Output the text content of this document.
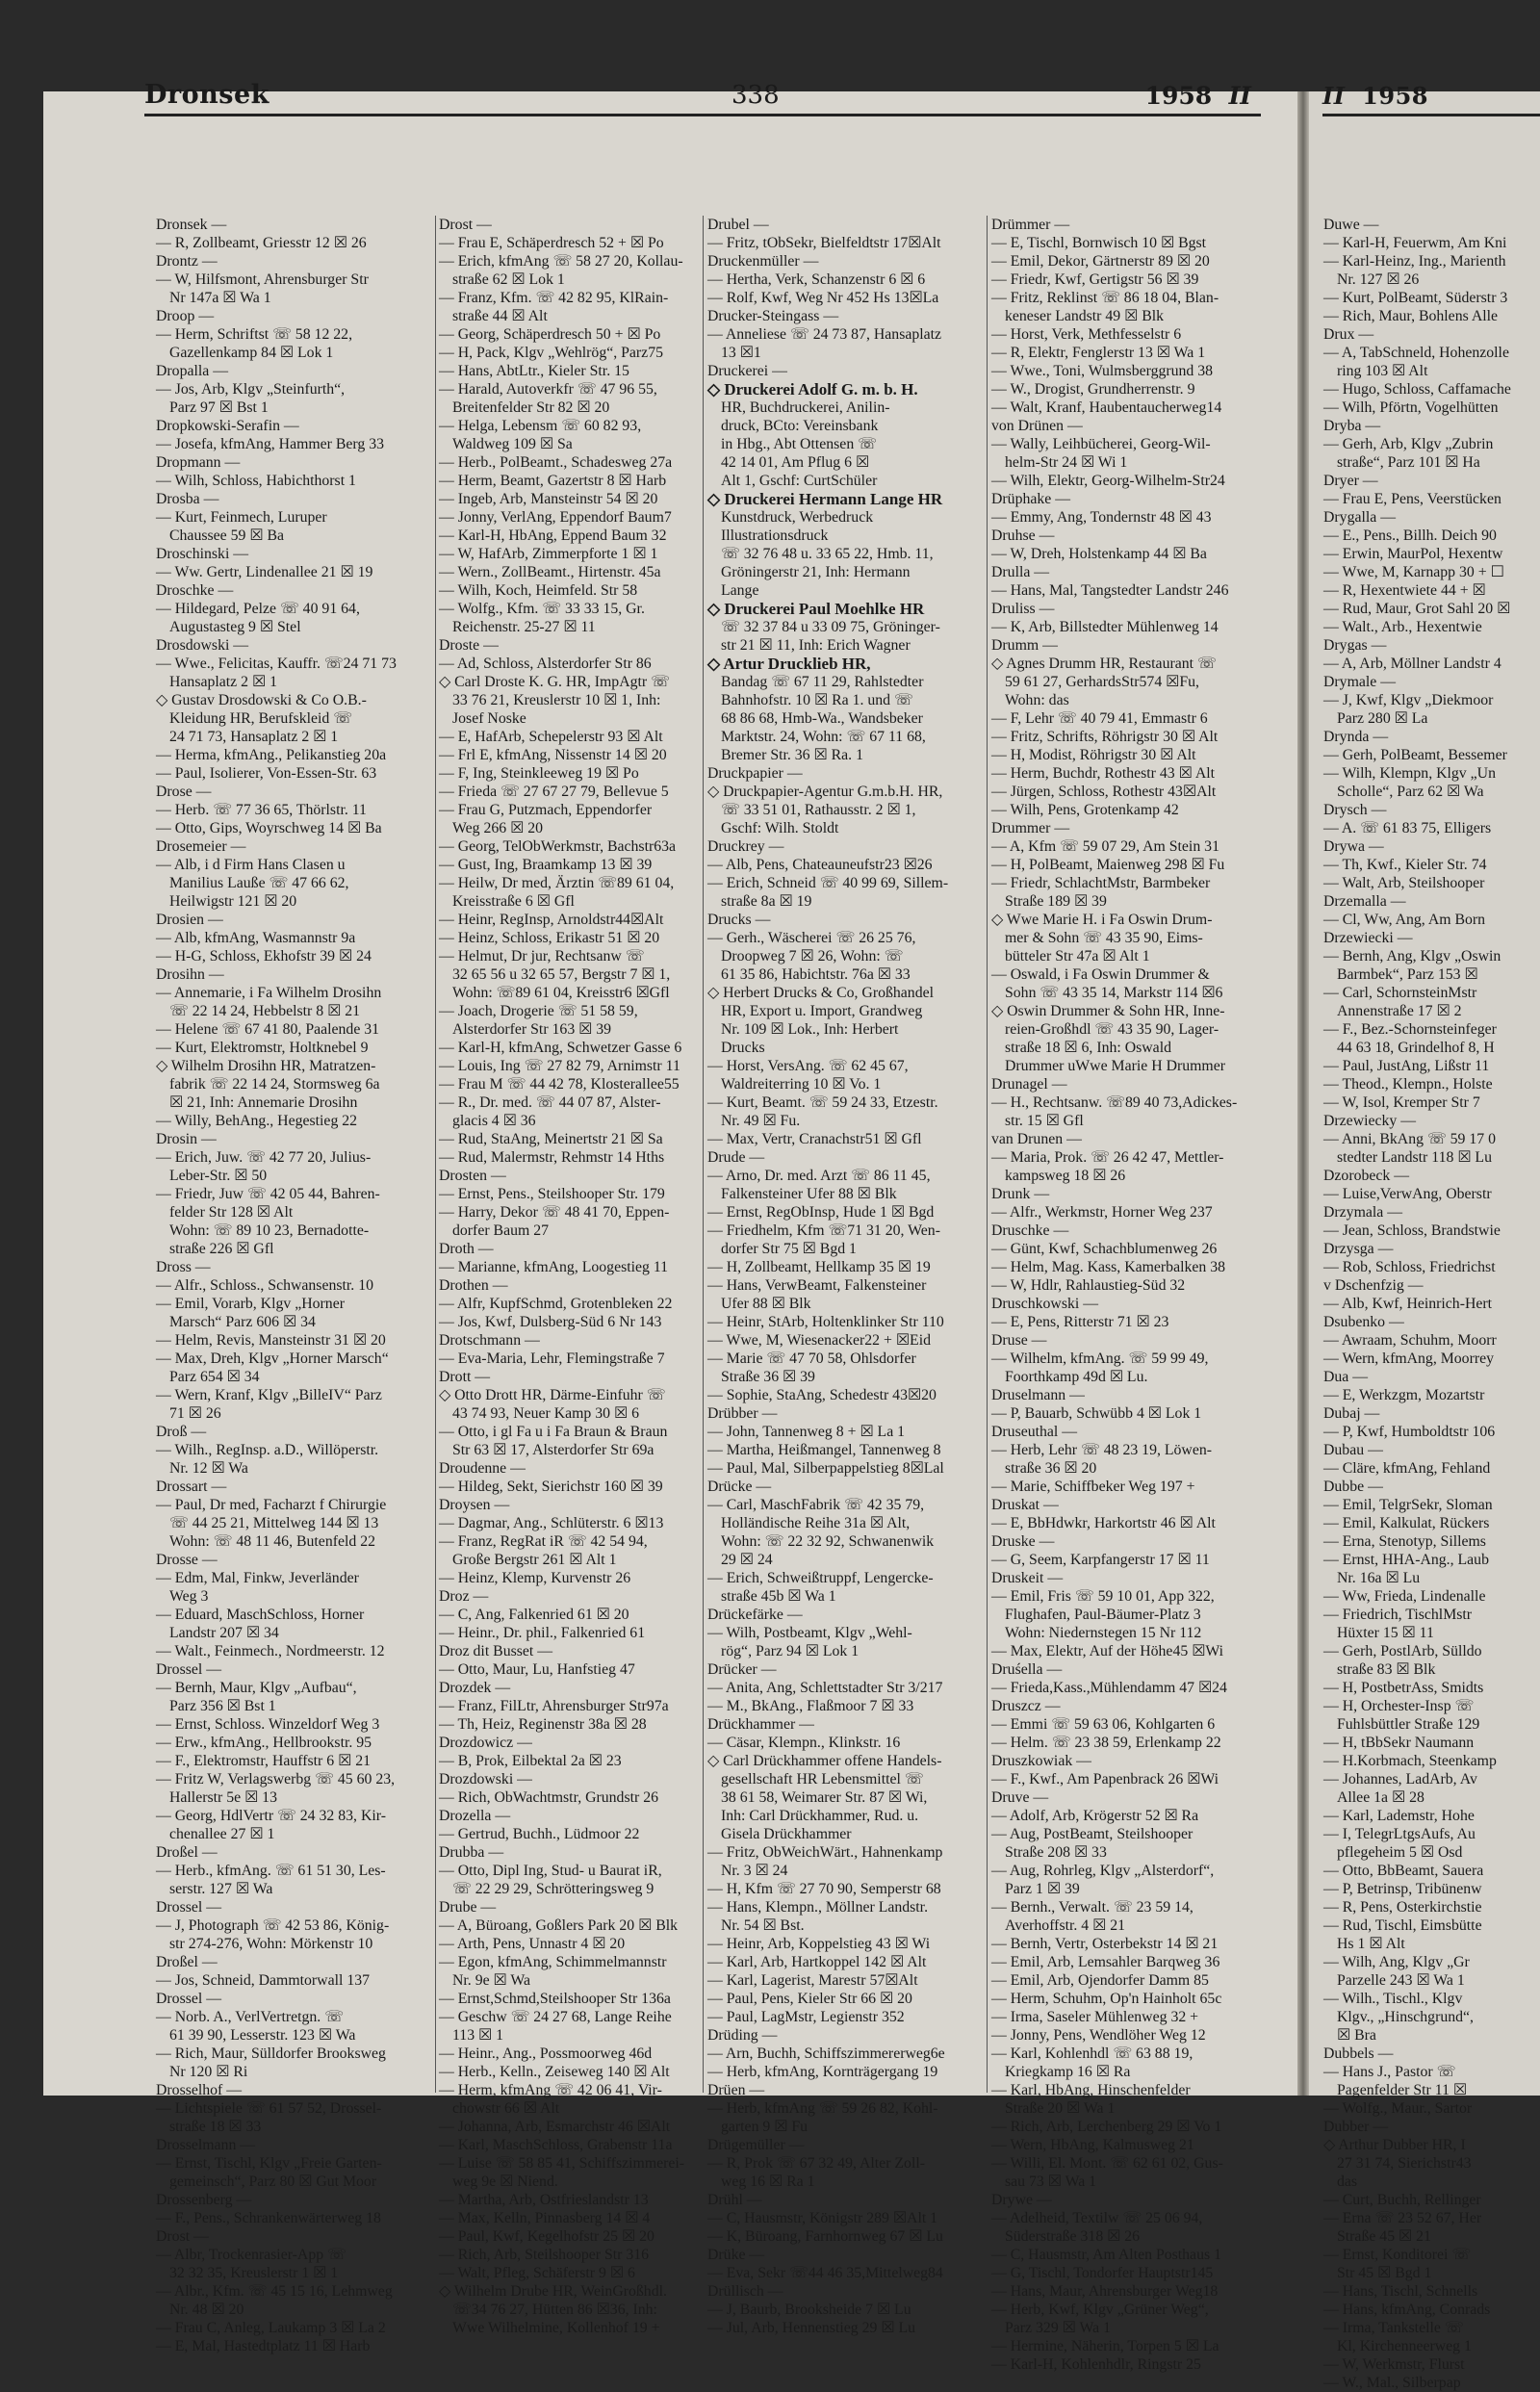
Dronsek	338	1958 II	II 1958
Dronsek —
— R, Zollbeamt, Griesstr 12 ☒ 26
Drontz —
— W, Hilfsmont, Ahrensburger Str
Nr 147a ☒ Wa 1
Droop —
— Herm, Schriftst ☏ 58 12 22,
Gazellenkamp 84 ☒ Lok 1
Dropalla —
— Jos, Arb, Klgv „Steinfurth“,
Parz 97 ☒ Bst 1
Dropkowski-Serafin —
— Josefa, kfmAng, Hammer Berg 33
Dropmann —
— Wilh, Schloss, Habichthorst 1
Drosba —
— Kurt, Feinmech, Luruper
Chaussee 59 ☒ Ba
Droschinski —
— Ww. Gertr, Lindenallee 21 ☒ 19
Droschke —
— Hildegard, Pelze ☏ 40 91 64,
Augustasteg 9 ☒ Stel
Drosdowski —
— Wwe., Felicitas, Kauffr. ☏24 71 73
Hansaplatz 2 ☒ 1
◇ Gustav Drosdowski & Co O.B.-
Kleidung HR, Berufskleid ☏
24 71 73, Hansaplatz 2 ☒ 1
— Herma, kfmAng., Pelikanstieg 20a
— Paul, Isolierer, Von-Essen-Str. 63
Drose —
— Herb. ☏ 77 36 65, Thörlstr. 11
— Otto, Gips, Woyrschweg 14 ☒ Ba
Drosemeier —
— Alb, i d Firm Hans Clasen u
Manilius Lauße ☏ 47 66 62,
Heilwigstr 121 ☒ 20
Drosien —
— Alb, kfmAng, Wasmannstr 9a
— H-G, Schloss, Ekhofstr 39 ☒ 24
Drosihn —
— Annemarie, i Fa Wilhelm Drosihn
☏ 22 14 24, Hebbelstr 8 ☒ 21
— Helene ☏ 67 41 80, Paalende 31
— Kurt, Elektromstr, Holtknebel 9
◇ Wilhelm Drosihn HR, Matratzen-
fabrik ☏ 22 14 24, Stormsweg 6a
☒ 21, Inh: Annemarie Drosihn
— Willy, BehAng., Hegestieg 22
Drosin —
— Erich, Juw. ☏ 42 77 20, Julius-
Leber-Str. ☒ 50
— Friedr, Juw ☏ 42 05 44, Bahren-
felder Str 128 ☒ Alt
Wohn: ☏ 89 10 23, Bernadotte-
straße 226 ☒ Gfl
Dross —
— Alfr., Schloss., Schwansenstr. 10
— Emil, Vorarb, Klgv „Horner
Marsch“ Parz 606 ☒ 34
— Helm, Revis, Mansteinstr 31 ☒ 20
— Max, Dreh, Klgv „Horner Marsch“
Parz 654 ☒ 34
— Wern, Kranf, Klgv „BilleIV“ Parz
71 ☒ 26
Droß —
— Wilh., RegInsp. a.D., Willöperstr.
Nr. 12 ☒ Wa
Drossart —
— Paul, Dr med, Facharzt f Chirurgie
☏ 44 25 21, Mittelweg 144 ☒ 13
Wohn: ☏ 48 11 46, Butenfeld 22
Drosse —
— Edm, Mal, Finkw, Jeverländer
Weg 3
— Eduard, MaschSchloss, Horner
Landstr 207 ☒ 34
— Walt., Feinmech., Nordmeerstr. 12
Drossel —
— Bernh, Maur, Klgv „Aufbau“,
Parz 356 ☒ Bst 1
— Ernst, Schloss. Winzeldorf Weg 3
— Erw., kfmAng., Hellbrookstr. 95
— F., Elektromstr, Hauffstr 6 ☒ 21
— Fritz W, Verlagswerbg ☏ 45 60 23,
Hallerstr 5e ☒ 13
— Georg, HdlVertr ☏ 24 32 83, Kir-
chenallee 27 ☒ 1
Droßel —
— Herb., kfmAng. ☏ 61 51 30, Les-
serstr. 127 ☒ Wa
Drossel —
— J, Photograph ☏ 42 53 86, König-
str 274-276, Wohn: Mörkenstr 10
Droßel —
— Jos, Schneid, Dammtorwall 137
Drossel —
— Norb. A., VerlVertretgn. ☏
61 39 90, Lesserstr. 123 ☒ Wa
— Rich, Maur, Sülldorfer Brooksweg
Nr 120 ☒ Ri
Drosselhof —
— Lichtspiele ☏ 61 57 52, Drossel-
straße 18 ☒ 33
Drosselmann —
— Ernst, Tischl, Klgv „Freie Garten-
gemeinsch“, Parz 80 ☒ Gut Moor
Drossenberg —
— F., Pens., Schrankenwärterweg 18
Drost —
— Albr, Trockenrasier-App ☏
32 32 35, Kreuslerstr 1 ☒ 1
— Albr., Kfm. ☏ 45 15 16, Lehmweg
Nr. 48 ☒ 20
— Frau C, Anleg, Laukamp 3 ☒ La 2
— E, Mal, Hastedtplatz 11 ☒ Harb
Drost —
— Frau E, Schäperdresch 52 + ☒ Po
— Erich, kfmAng ☏ 58 27 20, Kollau-
straße 62 ☒ Lok 1
— Franz, Kfm. ☏ 42 82 95, KlRain-
straße 44 ☒ Alt
— Georg, Schäperdresch 50 + ☒ Po
— H, Pack, Klgv „Wehlrög“, Parz75
— Hans, AbtLtr., Kieler Str. 15
— Harald, Autoverkfr ☏ 47 96 55,
Breitenfelder Str 82 ☒ 20
— Helga, Lebensm ☏ 60 82 93,
Waldweg 109 ☒ Sa
— Herb., PolBeamt., Schadesweg 27a
— Herm, Beamt, Gazertstr 8 ☒ Harb
— Ingeb, Arb, Mansteinstr 54 ☒ 20
— Jonny, VerlAng, Eppendorf Baum7
— Karl-H, HbAng, Eppend Baum 32
— W, HafArb, Zimmerpforte 1 ☒ 1
— Wern., ZollBeamt., Hirtenstr. 45a
— Wilh, Koch, Heimfeld. Str 58
— Wolfg., Kfm. ☏ 33 33 15, Gr.
Reichenstr. 25-27 ☒ 11
Droste —
— Ad, Schloss, Alsterdorfer Str 86
◇ Carl Droste K. G. HR, ImpAgtr ☏
33 76 21, Kreuslerstr 10 ☒ 1, Inh:
Josef Noske
— E, HafArb, Schepelerstr 93 ☒ Alt
— Frl E, kfmAng, Nissenstr 14 ☒ 20
— F, Ing, Steinkleeweg 19 ☒ Po
— Frieda ☏ 27 67 27 79, Bellevue 5
— Frau G, Putzmach, Eppendorfer
Weg 266 ☒ 20
— Georg, TelObWerkmstr, Bachstr63a
— Gust, Ing, Braamkamp 13 ☒ 39
— Heilw, Dr med, Ärztin ☏89 61 04,
Kreisstraße 6 ☒ Gfl
— Heinr, RegInsp, Arnoldstr44☒Alt
— Heinz, Schloss, Erikastr 51 ☒ 20
— Helmut, Dr jur, Rechtsanw ☏
32 65 56 u 32 65 57, Bergstr 7 ☒ 1,
Wohn: ☏89 61 04, Kreisstr6 ☒Gfl
— Joach, Drogerie ☏ 51 58 59,
Alsterdorfer Str 163 ☒ 39
— Karl-H, kfmAng, Schwetzer Gasse 6
— Louis, Ing ☏ 27 82 79, Arnimstr 11
— Frau M ☏ 44 42 78, Klosterallee55
— R., Dr. med. ☏ 44 07 87, Alster-
glacis 4 ☒ 36
— Rud, StaAng, Meinertstr 21 ☒ Sa
— Rud, Malermstr, Rehmstr 14 Hths
Drosten —
— Ernst, Pens., Steilshooper Str. 179
— Harry, Dekor ☏ 48 41 70, Eppen-
dorfer Baum 27
Droth —
— Marianne, kfmAng, Loogestieg 11
Drothen —
— Alfr, KupfSchmd, Grotenbleken 22
— Jos, Kwf, Dulsberg-Süd 6 Nr 143
Drotschmann —
— Eva-Maria, Lehr, Flemingstraße 7
Drott —
◇ Otto Drott HR, Därme-Einfuhr ☏
43 74 93, Neuer Kamp 30 ☒ 6
— Otto, i gl Fa u i Fa Braun & Braun
Str 63 ☒ 17, Alsterdorfer Str 69a
Droudenne —
— Hildeg, Sekt, Sierichstr 160 ☒ 39
Droysen —
— Dagmar, Ang., Schlüterstr. 6 ☒13
— Franz, RegRat iR ☏ 42 54 94,
Große Bergstr 261 ☒ Alt 1
— Heinz, Klemp, Kurvenstr 26
Droz —
— C, Ang, Falkenried 61 ☒ 20
— Heinr., Dr. phil., Falkenried 61
Droz dit Busset —
— Otto, Maur, Lu, Hanfstieg 47
Drozdek —
— Franz, FilLtr, Ahrensburger Str97a
— Th, Heiz, Reginenstr 38a ☒ 28
Drozdowicz —
— B, Prok, Eilbektal 2a ☒ 23
Drozdowski —
— Rich, ObWachtmstr, Grundstr 26
Drozella —
— Gertrud, Buchh., Lüdmoor 22
Drubba —
— Otto, Dipl Ing, Stud- u Baurat iR,
☏ 22 29 29, Schrötteringsweg 9
Drube —
— A, Büroang, Goßlers Park 20 ☒ Blk
— Arth, Pens, Unnastr 4 ☒ 20
— Egon, kfmAng, Schimmelmannstr
Nr. 9e ☒ Wa
— Ernst,Schmd,Steilshooper Str 136a
— Geschw ☏ 24 27 68, Lange Reihe
113 ☒ 1
— Heinr., Ang., Possmoorweg 46d
— Herb., Kelln., Zeiseweg 140 ☒ Alt
— Herm, kfmAng ☏ 42 06 41, Vir-
chowstr 66 ☒ Alt
— Johanna, Arb, Esmarchstr 46 ☒Alt
— Karl, MaschSchloss, Grabenstr 11a
— Luise ☏ 58 85 41, Schiffszimmerei-
weg 9e ☒ Niend.
— Martha, Arb, Ostfrieslandstr 13
— Max, Kelln, Pinnasberg 14 ☒ 4
— Paul, Kwf, Kegelhofstr 25 ☒ 20
— Rich, Arb, Steilshooper Str 316
— Walt, Pfleg, Schäferstr 9 ☒ 6
◇ Wilhelm Drube HR, WeinGroßhdl.
☏34 76 27, Hütten 86 ☒36, Inh:
Wwe Wilhelmine, Kollenhof 19 +
Drubel —
— Fritz, tObSekr, Bielfeldtstr 17☒Alt
Druckenmüller —
— Hertha, Verk, Schanzenstr 6 ☒ 6
— Rolf, Kwf, Weg Nr 452 Hs 13☒La
Drucker-Steingass —
— Anneliese ☏ 24 73 87, Hansaplatz
13 ☒1
Druckerei —
◇ Druckerei Adolf G. m. b. H.
HR, Buchdruckerei, Anilin-
druck, BCto: Vereinsbank
in Hbg., Abt Ottensen ☏
42 14 01, Am Pflug 6 ☒
Alt 1, Gschf: CurtSchüler
◇ Druckerei Hermann Lange HR
Kunstdruck, Werbedruck
Illustrationsdruck
☏ 32 76 48 u. 33 65 22, Hmb. 11,
Gröningerstr 21, Inh: Hermann
Lange
◇ Druckerei Paul Moehlke HR
☏ 32 37 84 u 33 09 75, Gröninger-
str 21 ☒ 11, Inh: Erich Wagner
◇ Artur Drucklieb HR,
Bandag ☏ 67 11 29, Rahlstedter
Bahnhofstr. 10 ☒ Ra 1. und ☏
68 86 68, Hmb-Wa., Wandsbeker
Marktstr. 24, Wohn: ☏ 67 11 68,
Bremer Str. 36 ☒ Ra. 1
Druckpapier —
◇ Druckpapier-Agentur G.m.b.H. HR,
☏ 33 51 01, Rathausstr. 2 ☒ 1,
Gschf: Wilh. Stoldt
Druckrey —
— Alb, Pens, Chateauneufstr23 ☒26
— Erich, Schneid ☏ 40 99 69, Sillem-
straße 8a ☒ 19
Drucks —
— Gerh., Wäscherei ☏ 26 25 76,
Droopweg 7 ☒ 26, Wohn: ☏
61 35 86, Habichtstr. 76a ☒ 33
◇ Herbert Drucks & Co, Großhandel
HR, Export u. Import, Grandweg
Nr. 109 ☒ Lok., Inh: Herbert
Drucks
— Horst, VersAng. ☏ 62 45 67,
Waldreiterring 10 ☒ Vo. 1
— Kurt, Beamt. ☏ 59 24 33, Etzestr.
Nr. 49 ☒ Fu.
— Max, Vertr, Cranachstr51 ☒ Gfl
Drude —
— Arno, Dr. med. Arzt ☏ 86 11 45,
Falkensteiner Ufer 88 ☒ Blk
— Ernst, RegObInsp, Hude 1 ☒ Bgd
— Friedhelm, Kfm ☏71 31 20, Wen-
dorfer Str 75 ☒ Bgd 1
— H, Zollbeamt, Hellkamp 35 ☒ 19
— Hans, VerwBeamt, Falkensteiner
Ufer 88 ☒ Blk
— Heinr, StArb, Holtenklinker Str 110
— Wwe, M, Wiesenacker22 + ☒Eid
— Marie ☏ 47 70 58, Ohlsdorfer
Straße 36 ☒ 39
— Sophie, StaAng, Schedestr 43☒20
Drübber —
— John, Tannenweg 8 + ☒ La 1
— Martha, Heißmangel, Tannenweg 8
— Paul, Mal, Silberpappelstieg 8☒Lal
Drücke —
— Carl, MaschFabrik ☏ 42 35 79,
Holländische Reihe 31a ☒ Alt,
Wohn: ☏ 22 32 92, Schwanenwik
29 ☒ 24
— Erich, Schweißtruppf, Lengercke-
straße 45b ☒ Wa 1
Drückefärke —
— Wilh, Postbeamt, Klgv „Wehl-
rög“, Parz 94 ☒ Lok 1
Drücker —
— Anita, Ang, Schlettstadter Str 3/217
— M., BkAng., Flaßmoor 7 ☒ 33
Drückhammer —
— Cäsar, Klempn., Klinkstr. 16
◇ Carl Drückhammer offene Handels-
gesellschaft HR Lebensmittel ☏
38 61 58, Weimarer Str. 87 ☒ Wi,
Inh: Carl Drückhammer, Rud. u.
Gisela Drückhammer
— Fritz, ObWeichWärt., Hahnenkamp
Nr. 3 ☒ 24
— H, Kfm ☏ 27 70 90, Semperstr 68
— Hans, Klempn., Möllner Landstr.
Nr. 54 ☒ Bst.
— Heinr, Arb, Koppelstieg 43 ☒ Wi
— Karl, Arb, Hartkoppel 142 ☒ Alt
— Karl, Lagerist, Marestr 57☒Alt
— Paul, Pens, Kieler Str 66 ☒ 20
— Paul, LagMstr, Legienstr 352
Drüding —
— Arn, Buchh, Schiffszimmererweg6e
— Herb, kfmAng, Kornträgergang 19
Drüen —
— Herb, kfmAng ☏ 59 26 82, Kohl-
garten 9 ☒ Fu
Drügemüller —
— R, Prok ☏ 67 32 49, Alter Zoll-
weg 16 ☒ Ra 1
Drühl —
— C, Hausmstr, Königstr 289 ☒Alt 1
— K, Büroang, Farnhornweg 67 ☒ Lu
Drüke —
— Eva, Sekr ☏44 46 35,Mittelweg84
Drüllisch —
— J, Baurb, Brooksheide 7 ☒ Lu
— Jul, Arb, Hennenstieg 29 ☒ Lu
Drümmer —
— E, Tischl, Bornwisch 10 ☒ Bgst
— Emil, Dekor, Gärtnerstr 89 ☒ 20
— Friedr, Kwf, Gertigstr 56 ☒ 39
— Fritz, Reklinst ☏ 86 18 04, Blan-
keneser Landstr 49 ☒ Blk
— Horst, Verk, Methfesselstr 6
— R, Elektr, Fenglerstr 13 ☒ Wa 1
— Wwe., Toni, Wulmsberggrund 38
— W., Drogist, Grundherrenstr. 9
— Walt, Kranf, Haubentaucherweg14
von Drünen —
— Wally, Leihbücherei, Georg-Wil-
helm-Str 24 ☒ Wi 1
— Wilh, Elektr, Georg-Wilhelm-Str24
Drüphake —
— Emmy, Ang, Tondernstr 48 ☒ 43
Druhse —
— W, Dreh, Holstenkamp 44 ☒ Ba
Drulla —
— Hans, Mal, Tangstedter Landstr 246
Druliss —
— K, Arb, Billstedter Mühlenweg 14
Drumm —
◇ Agnes Drumm HR, Restaurant ☏
59 61 27, GerhardsStr574 ☒Fu,
Wohn: das
— F, Lehr ☏ 40 79 41, Emmastr 6
— Fritz, Schrifts, Röhrigstr 30 ☒ Alt
— H, Modist, Röhrigstr 30 ☒ Alt
— Herm, Buchdr, Rothestr 43 ☒ Alt
— Jürgen, Schloss, Rothestr 43☒Alt
— Wilh, Pens, Grotenkamp 42
Drummer —
— A, Kfm ☏ 59 07 29, Am Stein 31
— H, PolBeamt, Maienweg 298 ☒ Fu
— Friedr, SchlachtMstr, Barmbeker
Straße 189 ☒ 39
◇ Wwe Marie H. i Fa Oswin Drum-
mer & Sohn ☏ 43 35 90, Eims-
bütteler Str 47a ☒ Alt 1
— Oswald, i Fa Oswin Drummer &
Sohn ☏ 43 35 14, Markstr 114 ☒6
◇ Oswin Drummer & Sohn HR, Inne-
reien-Großhdl ☏ 43 35 90, Lager-
straße 18 ☒ 6, Inh: Oswald
Drummer uWwe Marie H Drummer
Drunagel —
— H., Rechtsanw. ☏89 40 73,Adickes-
str. 15 ☒ Gfl
van Drunen —
— Maria, Prok. ☏ 26 42 47, Mettler-
kampsweg 18 ☒ 26
Drunk —
— Alfr., Werkmstr, Horner Weg 237
Druschke —
— Günt, Kwf, Schachblumenweg 26
— Helm, Mag. Kass, Kamerbalken 38
— W, Hdlr, Rahlaustieg-Süd 32
Druschkowski —
— E, Pens, Ritterstr 71 ☒ 23
Druse —
— Wilhelm, kfmAng. ☏ 59 99 49,
Foorthkamp 49d ☒ Lu.
Druselmann —
— P, Bauarb, Schwübb 4 ☒ Lok 1
Druseuthal —
— Herb, Lehr ☏ 48 23 19, Löwen-
straße 36 ☒ 20
— Marie, Schiffbeker Weg 197 +
Druskat —
— E, BbHdwkr, Harkortstr 46 ☒ Alt
Druske —
— G, Seem, Karpfangerstr 17 ☒ 11
Druskeit —
— Emil, Fris ☏ 59 10 01, App 322,
Flughafen, Paul-Bäumer-Platz 3
Wohn: Niedernstegen 15 Nr 112
— Max, Elektr, Auf der Höhe45 ☒Wi
Druśella —
— Frieda,Kass.,Mühlendamm 47 ☒24
Druszcz —
— Emmi ☏ 59 63 06, Kohlgarten 6
— Helm. ☏ 23 38 59, Erlenkamp 22
Druszkowiak —
— F., Kwf., Am Papenbrack 26 ☒Wi
Druve —
— Adolf, Arb, Krögerstr 52 ☒ Ra
— Aug, PostBeamt, Steilshooper
Straße 208 ☒ 33
— Aug, Rohrleg, Klgv „Alsterdorf“,
Parz 1 ☒ 39
— Bernh., Verwalt. ☏ 23 59 14,
Averhoffstr. 4 ☒ 21
— Bernh, Vertr, Osterbekstr 14 ☒ 21
— Emil, Arb, Lemsahler Barqweg 36
— Emil, Arb, Ojendorfer Damm 85
— Herm, Schuhm, Op'n Hainholt 65c
— Irma, Saseler Mühlenweg 32 +
— Jonny, Pens, Wendlöher Weg 12
— Karl, Kohlenhdl ☏ 63 88 19,
Kriegkamp 16 ☒ Ra
— Karl, HbAng, Hinschenfelder
Straße 20 ☒ Wa 1
— Rich, Arb, Lerchenberg 29 ☒ Vo 1
— Wern, HbAng, Kalmusweg 21
— Willi, El. Mont. ☏ 62 61 02, Gus-
sau 73 ☒ Wa 1
Drywe —
— Adelheid, Textilw ☏ 25 06 94,
Süderstraße 318 ☒ 26
— C, Hausmstr, Am Alten Posthaus 1
— G, Tischl, Tondorfer Hauptstr145
— Hans, Maur, Ahrensburger Weg18
— Herb, Kwf, Klgv „Grüner Weg“,
Parz 329 ☒ Wa 1
— Hermine, Näherin, Torpen 5 ☒ La
— Karl-H, Kohlenhdlr, Ringstr 25
Duwe —
— Karl-H, Feuerwm, Am Kni
— Karl-Heinz, Ing., Marienth
Nr. 127 ☒ 26
— Kurt, PolBeamt, Süderstr 3
— Rich, Maur, Bohlens Alle
Drux —
— A, TabSchneld, Hohenzolle
ring 103 ☒ Alt
— Hugo, Schloss, Caffamache
— Wilh, Pförtn, Vogelhütten
Dryba —
— Gerh, Arb, Klgv „Zubrin
straße“, Parz 101 ☒ Ha
Dryer —
— Frau E, Pens, Veerstücken
Drygalla —
— E., Pens., Billh. Deich 90
— Erwin, MaurPol, Hexentw
— Wwe, M, Karnapp 30 + ☐
— R, Hexentwiete 44 + ☒
— Rud, Maur, Grot Sahl 20 ☒
— Walt., Arb., Hexentwie
Drygas —
— A, Arb, Möllner Landstr 4
Drymale —
— J, Kwf, Klgv „Diekmoor
Parz 280 ☒ La
Drynda —
— Gerh, PolBeamt, Bessemer
— Wilh, Klempn, Klgv „Un
Scholle“, Parz 62 ☒ Wa
Drysch —
— A. ☏ 61 83 75, Elligers
Drywa —
— Th, Kwf., Kieler Str. 74
— Walt, Arb, Steilshooper
Drzemalla —
— Cl, Ww, Ang, Am Born
Drzewiecki —
— Bernh, Ang, Klgv „Oswin
Barmbek“, Parz 153 ☒
— Carl, SchornsteinMstr
Annenstraße 17 ☒ 2
— F., Bez.-Schornsteinfeger
44 63 18, Grindelhof 8, H
— Paul, JustAng, Lißstr 11
— Theod., Klempn., Holste
— W, Isol, Kremper Str 7
Drzewiecky —
— Anni, BkAng ☏ 59 17 0
stedter Landstr 118 ☒ Lu
Dzorobeck —
— Luise,VerwAng, Oberstr
Drzymala —
— Jean, Schloss, Brandstwie
Drzysga —
— Rob, Schloss, Friedrichst
v Dschenfzig —
— Alb, Kwf, Heinrich-Hert
Dsubenko —
— Awraam, Schuhm, Moorr
— Wern, kfmAng, Moorrey
Dua —
— E, Werkzgm, Mozartstr
Dubaj —
— P, Kwf, Humboldtstr 106
Dubau —
— Cläre, kfmAng, Fehland
Dubbe —
— Emil, TelgrSekr, Sloman
— Emil, Kalkulat, Rückers
— Erna, Stenotyp, Sillems
— Ernst, HHA-Ang., Laub
Nr. 16a ☒ Lu
— Ww, Frieda, Lindenalle
— Friedrich, TischlMstr
Hüxter 15 ☒ 11
— Gerh, PostlArb, Sülldo
straße 83 ☒ Blk
— H, PostbetrAss, Smidts
— H, Orchester-Insp ☏
Fuhlsbüttler Straße 129
— H, tBbSekr Naumann
— H.Korbmach, Steenkamp
— Johannes, LadArb, Av
Allee 1a ☒ 28
— Karl, Lademstr, Hohe
— I, TelegrLtgsAufs, Au
pflegeheim 5 ☒ Osd
— Otto, BbBeamt, Sauera
— P, Betrinsp, Tribünenw
— R, Pens, Osterkirchstie
— Rud, Tischl, Eimsbütte
Hs 1 ☒ Alt
— Wilh, Ang, Klgv „Gr
Parzelle 243 ☒ Wa 1
— Wilh., Tischl., Klgv
Klgv., „Hinschgrund“,
☒ Bra
Dubbels —
— Hans J., Pastor ☏
Pagenfelder Str 11 ☒
— Wolfg., Maur., Sartor
Dubber —
◇ Arthur Dubber HR, I
27 31 74, Sierichstr43
das
— Curt, Buchh, Rellinger
— Erna ☏ 23 52 67, Her
Straße 45 ☒ 21
— Ernst, Konditorei ☏
Str 45 ☒ Bgd 1
— Hans, Tischl, Schnells
— Hans, kfmAng, Conrads
— Irma, Tankstelle ☏
Kl, Kirchenneerweg 1
— W, Werkmstr, Flurst
— W., Mal., Silberpap
